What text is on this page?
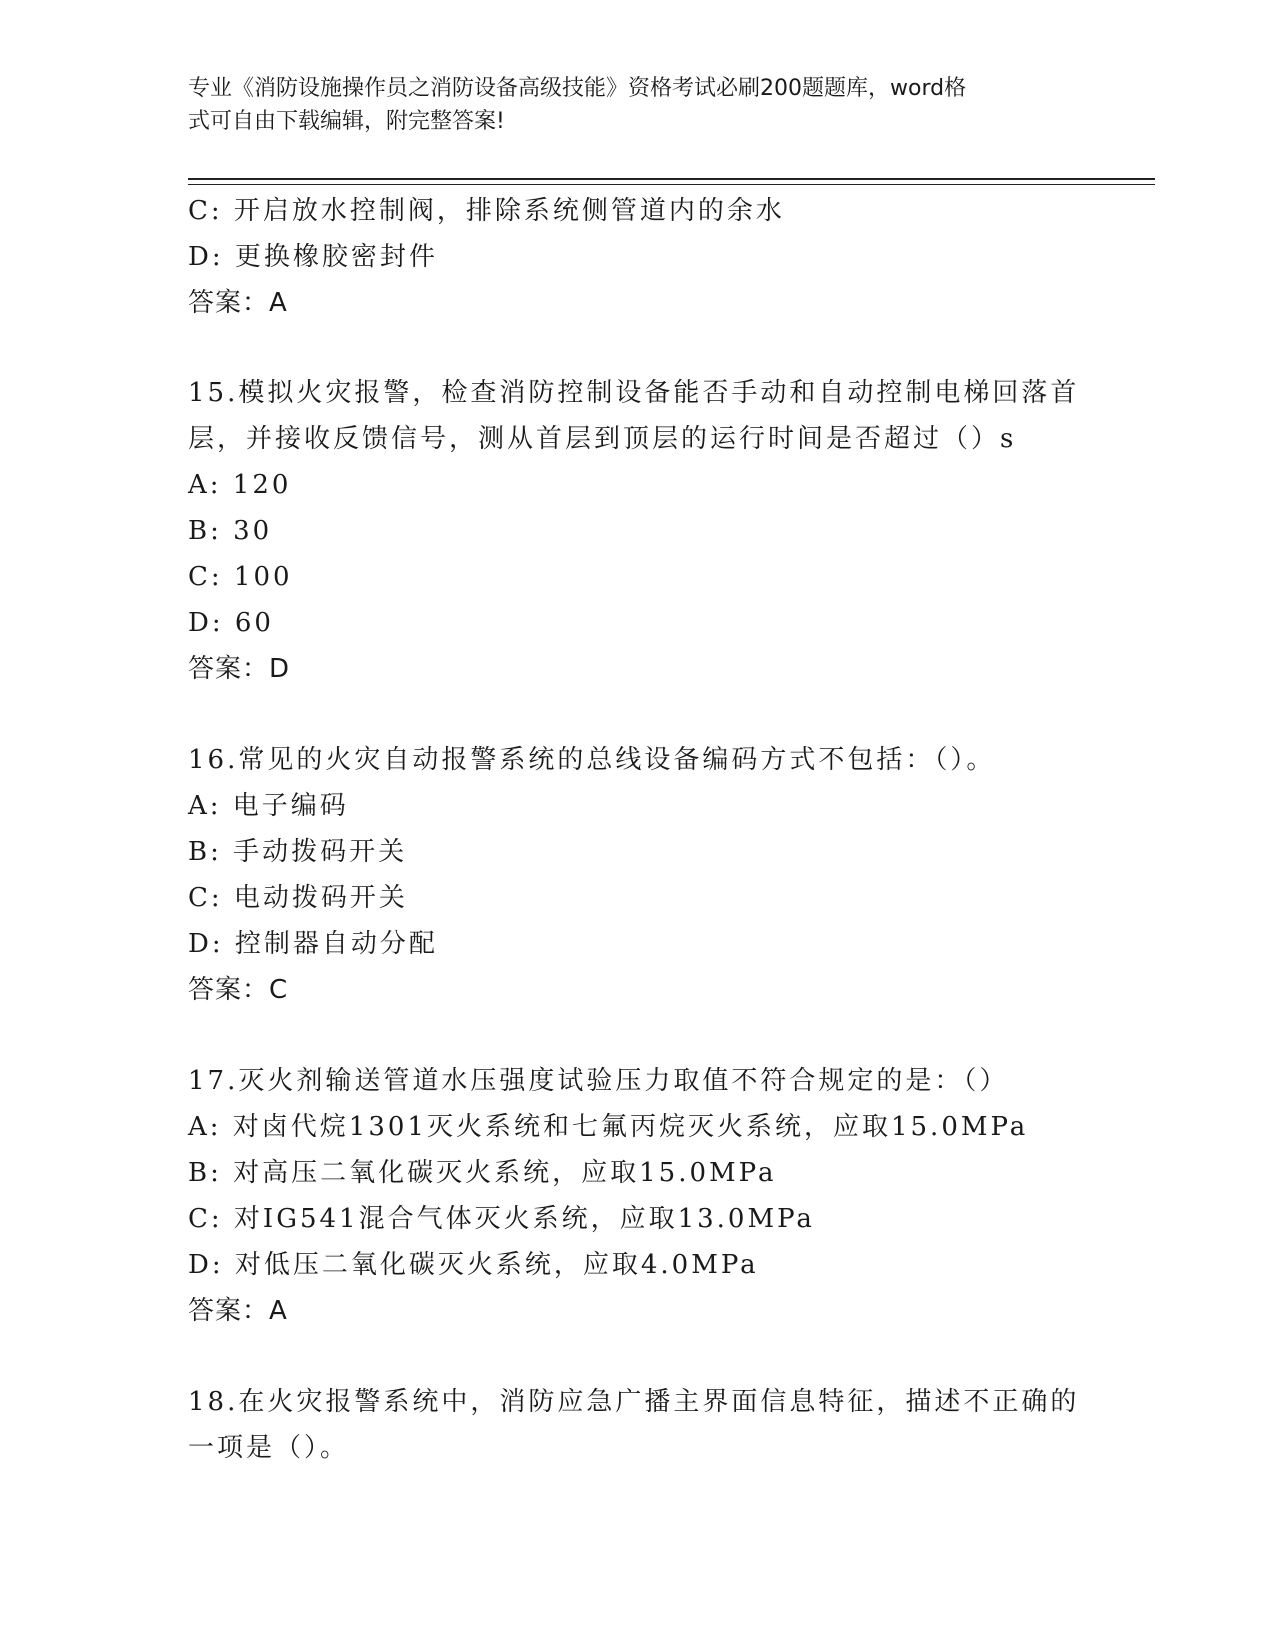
专业《消防设施操作员之消防设备高级技能》资格考试必刷200题题库，word格
式可自由下载编辑，附完整答案!
C: 开启放水控制阀，排除系统侧管道内的余水
D: 更换橡胶密封件
答案：A
15.模拟火灾报警，检查消防控制设备能否手动和自动控制电梯回落首
层，并接收反馈信号，测从首层到顶层的运行时间是否超过（）s
A: 120
B: 30
C: 100
D: 60
答案：D
16.常见的火灾自动报警系统的总线设备编码方式不包括：（）。
A: 电子编码
B: 手动拨码开关
C: 电动拨码开关
D: 控制器自动分配
答案：C
17.灭火剂输送管道水压强度试验压力取值不符合规定的是：（）
A: 对卤代烷1301灭火系统和七氟丙烷灭火系统，应取15.0MPa
B: 对高压二氧化碳灭火系统，应取15.0MPa
C: 对IG541混合气体灭火系统，应取13.0MPa
D: 对低压二氧化碳灭火系统，应取4.0MPa
答案：A
18.在火灾报警系统中，消防应急广播主界面信息特征，描述不正确的
一项是（）。
